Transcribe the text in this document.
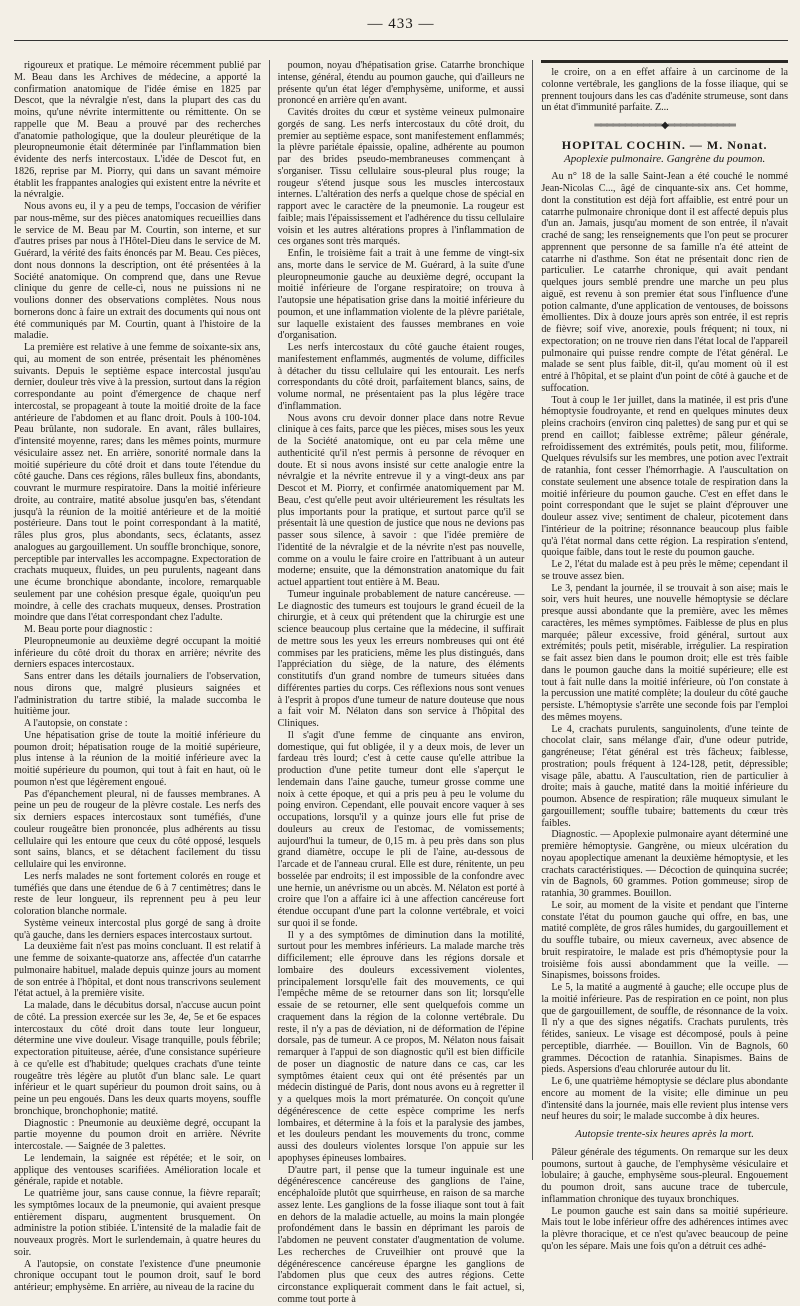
— 433 —

rigoureux et pratique. Le mémoire récemment publié par M. Beau dans les Archives de médecine, a apporté la confirmation anatomique de l'idée émise en 1825 par Descot, que la névralgie n'est, dans la plupart des cas du moins, qu'une névrite intermittente ou rémittente. On se rappelle que M. Beau a prouvé par des recherches d'anatomie pathologique, que la douleur pleurétique de la pleuropneumonie était déterminée par l'inflammation bien évidente des nerfs intercostaux. L'idée de Descot fut, en 1826, reprise par M. Piorry, qui dans un savant mémoire établit les frappantes analogies qui existent entre la névrite et la névralgie.

Nous avons eu, il y a peu de temps, l'occasion de vérifier par nous-même, sur des pièces anatomiques recueillies dans le service de M. Beau par M. Courtin, son interne, et sur d'autres prises par nous à l'Hôtel-Dieu dans le service de M. Guérard, la vérité des faits énoncés par M. Beau. Ces pièces, dont nous donnons la description, ont été présentées à la Société anatomique. On comprend que, dans une Revue clinique du genre de celle-ci, nous ne puissions ni ne voulions donner des observations complètes. Nous nous bornerons donc à faire un extrait des documents qui nous ont été communiqués par M. Courtin, quant à l'histoire de la maladie.

La première est relative à une femme de soixante-six ans, qui, au moment de son entrée, présentait les phénomènes suivants. Depuis le septième espace intercostal jusqu'au dernier, douleur très vive à la pression, surtout dans la région correspondante au point d'émergence de chaque nerf intercostal, se propageant à toute la moitié droite de la face antérieure de l'abdomen et au flanc droit. Pouls à 100-104. Peau brûlante, non sudorale. En avant, râles bullaires, d'intensité moyenne, rares; dans les mêmes points, murmure vésiculaire assez net. En arrière, sonorité normale dans la moitié supérieure du côté droit et dans toute l'étendue du côté gauche. Dans ces régions, râles bulleux fins, abondants, couvrant le murmure respiratoire. Dans la moitié inférieure droite, au contraire, matité absolue jusqu'en bas, s'étendant jusqu'à la réunion de la moitié antérieure et de la moitié postérieure. Dans tout le point correspondant à la matité, râles plus gros, plus abondants, secs, éclatants, assez analogues au gargouillement. Un souffle bronchique, sonore, perceptible par intervalles les accompagne. Expectoration de crachats muqueux, fluides, un peu purulents, nageant dans une écume bronchique abondante, incolore, remarquable seulement par une cohésion presque égale, quoiqu'un peu moindre, à celle des crachats muqueux, denses. Prostration moindre que dans l'état correspondant chez l'adulte.

M. Beau porte pour diagnostic :

Pleuropneumonie au deuxième degré occupant la moitié inférieure du côté droit du thorax en arrière; névrite des derniers espaces intercostaux.

Sans entrer dans les détails journaliers de l'observation, nous dirons que, malgré plusieurs saignées et l'administration du tartre stibié, la malade succomba le huitième jour.

A l'autopsie, on constate :

Une hépatisation grise de toute la moitié inférieure du poumon droit; hépatisation rouge de la moitié supérieure, plus intense à la réunion de la moitié inférieure avec la moitié supérieure du poumon, qui tout à fait en haut, où le poumon n'est que légèrement engoué.

Pas d'épanchement pleural, ni de fausses membranes. A peine un peu de rougeur de la plèvre costale. Les nerfs des six derniers espaces intercostaux sont tuméfiés, d'une couleur rougeâtre bien prononcée, plus adhérents au tissu cellulaire qui les entoure que ceux du côté opposé, lesquels sont sains, blancs, et se détachent facilement du tissu cellulaire qui les environne.

Les nerfs malades ne sont fortement colorés en rouge et tuméfiés que dans une étendue de 6 à 7 centimètres; dans le reste de leur longueur, ils reprennent peu à peu leur coloration blanche normale.

Système veineux intercostal plus gorgé de sang à droite qu'à gauche, dans les derniers espaces intercostaux surtout.

La deuxième fait n'est pas moins concluant. Il est relatif à une femme de soixante-quatorze ans, affectée d'un catarrhe pulmonaire habituel, malade depuis quinze jours au moment de son entrée à l'hôpital, et dont nous transcrivons seulement l'état actuel, à la première visite.

La malade, dans le décubitus dorsal, n'accuse aucun point de côté. La pression exercée sur les 3e, 4e, 5e et 6e espaces intercostaux du côté droit dans toute leur longueur, détermine une vive douleur. Visage tranquille, pouls fébrile; expectoration pituiteuse, aérée, d'une consistance supérieure à ce qu'elle est d'habitude; quelques crachats d'une teinte rougeâtre très légère au plutôt d'un blanc sale. Le quart inférieur et le quart supérieur du poumon droit sains, ou à peine un peu engoués. Dans les deux quarts moyens, souffle bronchique, bronchophonie; matité.

Diagnostic : Pneumonie au deuxième degré, occupant la partie moyenne du poumon droit en arrière. Névrite intercostale. — Saignée de 3 palettes.

Le lendemain, la saignée est répétée; et le soir, on applique des ventouses scarifiées. Amélioration locale et générale, rapide et notable.

Le quatrième jour, sans cause connue, la fièvre reparaît; les symptômes locaux de la pneumonie, qui avaient presque entièrement disparu, augmentent brusquement. On administre la potion stibiée. L'intensité de la maladie fait de nouveaux progrès. Mort le surlendemain, à quatre heures du soir.

A l'autopsie, on constate l'existence d'une pneumonie chronique occupant tout le poumon droit, sauf le bord antérieur; emphysème. En arrière, au niveau de la racine du

poumon, noyau d'hépatisation grise. Catarrhe bronchique intense, général, étendu au poumon gauche, qui d'ailleurs ne présente qu'un état léger d'emphysème, uniforme, et aussi prononcé en arrière qu'en avant.

Cavités droites du cœur et système veineux pulmonaire gorgés de sang. Les nerfs intercostaux du côté droit, du premier au septième espace, sont manifestement enflammés; la plèvre pariétale épaissie, opaline, adhérente au poumon par des brides pseudo-membraneuses commençant à s'organiser. Tissu cellulaire sous-pleural plus rouge; la rougeur s'étend jusque sous les muscles intercostaux internes. L'altération des nerfs a quelque chose de spécial en rapport avec le caractère de la pneumonie. La rougeur est faible; mais l'épaississement et l'adhérence du tissu cellulaire voisin et les autres altérations propres à l'inflammation de ces organes sont très marqués.

Enfin, le troisième fait a trait à une femme de vingt-six ans, morte dans le service de M. Guérard, à la suite d'une pleuropneumonie gauche au deuxième degré, occupant la moitié inférieure de l'organe respiratoire; on trouva à l'autopsie une hépatisation grise dans la moitié inférieure du poumon, et une inflammation violente de la plèvre pariétale, sur laquelle existaient des fausses membranes en voie d'organisation.

Les nerfs intercostaux du côté gauche étaient rouges, manifestement enflammés, augmentés de volume, difficiles à détacher du tissu cellulaire qui les entourait. Les nerfs correspondants du côté droit, parfaitement blancs, sains, de volume normal, ne présentaient pas la plus légère trace d'inflammation.

Nous avons cru devoir donner place dans notre Revue clinique à ces faits, parce que les pièces, mises sous les yeux de la Société anatomique, ont eu par cela même une authenticité qu'il n'est permis à personne de révoquer en doute. Et si nous avons insisté sur cette analogie entre la névralgie et la névrite entrevue il y a vingt-deux ans par Descot et M. Piorry, et confirmée anatomiquement par M. Beau, c'est qu'elle peut avoir ultérieurement les résultats les plus importants pour la pratique, et surtout parce qu'il se présentait là une question de justice que nous ne devions pas passer sous silence, à savoir : que l'idée première de l'identité de la névralgie et de la névrite n'est pas nouvelle, comme on a voulu le faire croire en l'attribuant à un auteur moderne; ensuite, que la démonstration anatomique du fait actuel appartient tout entière à M. Beau.

Tumeur inguinale probablement de nature cancéreuse. — Le diagnostic des tumeurs est toujours le grand écueil de la chirurgie, et à ceux qui prétendent que la chirurgie est une science beaucoup plus certaine que la médecine, il suffirait de mettre sous les yeux les erreurs nombreuses qui ont été commises par les praticiens, même les plus distingués, dans l'appréciation du siège, de la nature, des éléments constitutifs d'un grand nombre de tumeurs situées dans différentes parties du corps. Ces réflexions nous sont venues à l'esprit à propos d'une tumeur de nature douteuse que nous a fait voir M. Nélaton dans son service à l'hôpital des Cliniques.

Il s'agit d'une femme de cinquante ans environ, domestique, qui fut obligée, il y a deux mois, de lever un fardeau très lourd; c'est à cette cause qu'elle attribue la production d'une petite tumeur dont elle s'aperçut le lendemain dans l'aine gauche, tumeur grosse comme une noix à cette époque, et qui a pris peu à peu le volume du poing environ. Cependant, elle pouvait encore vaquer à ses occupations, lorsqu'il y a quinze jours elle fut prise de douleurs au creux de l'estomac, de vomissements; aujourd'hui la tumeur, de 0,15 m. à peu près dans son plus grand diamètre, occupe le pli de l'aine, au-dessous de l'arcade et de l'anneau crural. Elle est dure, rénitente, un peu bosselée par endroits; il est impossible de la confondre avec une hernie, un anévrisme ou un abcès. M. Nélaton est porté à croire que l'on a affaire ici à une affection cancéreuse fort étendue occupant d'une part la colonne vertébrale, et voici sur quoi il se fonde.

Il y a des symptômes de diminution dans la motilité, surtout pour les membres inférieurs. La malade marche très difficilement; elle éprouve dans les régions dorsale et lombaire des douleurs excessivement violentes, principalement lorsqu'elle fait des mouvements, ce qui l'empêche même de se retourner dans son lit; lorsqu'elle essaie de se retourner, elle sent quelquefois comme un craquement dans la région de la colonne vertébrale. Du reste, il n'y a pas de déviation, ni de déformation de l'épine dorsale, pas de tumeur. A ce propos, M. Nélaton nous faisait remarquer à l'appui de son diagnostic qu'il est bien difficile de poser un diagnostic de nature dans ce cas, car les symptômes étaient ceux qui ont été présentés par un médecin distingué de Paris, dont nous avons eu à regretter il y a quelques mois la mort prématurée. On conçoit qu'une dégénérescence de cette espèce comprime les nerfs lombaires, et détermine à la fois et la paralysie des jambes, et les douleurs pendant les mouvements du tronc, comme aussi des douleurs violentes lorsque l'on appuie sur les apophyses épineuses lombaires.

D'autre part, il pense que la tumeur inguinale est une dégénérescence cancéreuse des ganglions de l'aine, encéphaloïde plutôt que squirrheuse, en raison de sa marche assez lente. Les ganglions de la fosse iliaque sont tout à fait en dehors de la maladie actuelle, au moins la main plongée profondément dans le bassin en déprimant les parois de l'abdomen ne peuvent constater d'augmentation de volume. Les recherches de Cruveilhier ont prouvé que la dégénérescence cancéreuse épargne les ganglions de l'abdomen plus que ceux des autres régions. Cette circonstance expliquerait comment dans le fait actuel, si, comme tout porte à

le croire, on a en effet affaire à un carcinome de la colonne vertébrale, les ganglions de la fosse iliaque, qui se prennent toujours dans les cas d'adénite strumeuse, sont dans un état d'immunité parfaite. Z...

═══════════◆═══════════
HOPITAL COCHIN. — M. Nonat.
Apoplexie pulmonaire. Gangrène du poumon.

Au n° 18 de la salle Saint-Jean a été couché le nommé Jean-Nicolas C..., âgé de cinquante-six ans. Cet homme, dont la constitution est déjà fort affaiblie, est entré pour un catarrhe pulmonaire chronique dont il est affecté depuis plus d'un an. Jamais, jusqu'au moment de son entrée, il n'avait craché de sang; les renseignements que l'on peut se procurer apprennent que personne de sa famille n'a été atteint de catarrhe ni d'asthme. Son état ne présentait donc rien de particulier. Le catarrhe chronique, qui avait pendant quelques jours semblé prendre une marche un peu plus aiguë, est revenu à son premier état sous l'influence d'une potion calmante, d'une application de ventouses, de boissons émollientes. Dix à douze jours après son entrée, il est repris de fièvre; soif vive, anorexie, pouls fréquent; ni toux, ni expectoration; on ne trouve rien dans l'état local de l'appareil pulmonaire qui puisse rendre compte de l'état général. Le malade se sent plus faible, dit-il, qu'au moment où il est entré à l'hôpital, et se plaint d'un point de côté à gauche et de suffocation.

Tout à coup le 1er juillet, dans la matinée, il est pris d'une hémoptysie foudroyante, et rend en quelques minutes deux pleins crachoirs (environ cinq palettes) de sang pur et qui se prend en caillot; faiblesse extrême; pâleur générale, refroidissement des extrémités, pouls petit, mou, filiforme. Quelques révulsifs sur les membres, une potion avec l'extrait de ratanhia, font cesser l'hémorrhagie. A l'auscultation on constate seulement une absence totale de respiration dans la moitié inférieure du poumon gauche. C'est en effet dans le point correspondant que le sujet se plaint d'éprouver une douleur assez vive; sentiment de chaleur, picotement dans l'intérieur de la poitrine; résonnance beaucoup plus faible qu'à l'état normal dans cette région. La respiration s'entend, quoique faible, dans tout le reste du poumon gauche.

Le 2, l'état du malade est à peu près le même; cependant il se trouve assez bien.

Le 3, pendant la journée, il se trouvait à son aise; mais le soir, vers huit heures, une nouvelle hémoptysie se déclare presque aussi abondante que la première, avec les mêmes caractères, les mêmes symptômes. Faiblesse de plus en plus marquée; pâleur excessive, froid général, surtout aux extrémités; pouls petit, misérable, irrégulier. La respiration se fait assez bien dans le poumon droit; elle est très faible dans le poumon gauche dans la moitié supérieure; elle est tout à fait nulle dans la moitié inférieure, où l'on constate à la percussion une matité complète; la douleur du côté gauche persiste. L'hémoptysie s'arrête une seconde fois par l'emploi des mêmes moyens.

Le 4, crachats purulents, sanguinolents, d'une teinte de chocolat clair, sans mélange d'air, d'une odeur putride, gangréneuse; l'état général est très fâcheux; faiblesse, prostration; pouls fréquent à 124-128, petit, dépressible; visage pâle, abattu. A l'auscultation, rien de particulier à droite; mais à gauche, matité dans la moitié inférieure du poumon. Absence de respiration; râle muqueux simulant le gargouillement; souffle tubaire; battements du cœur très faibles.

Diagnostic. — Apoplexie pulmonaire ayant déterminé une première hémoptysie. Gangrène, ou mieux ulcération du noyau apoplectique amenant la deuxième hémoptysie, et les crachats caractéristiques. — Décoction de quinquina sucrée; vin de Bagnols, 60 grammes. Potion gommeuse; sirop de ratanhia, 30 grammes. Bouillon.

Le soir, au moment de la visite et pendant que l'interne constate l'état du poumon gauche qui offre, en bas, une matité complète, de gros râles humides, du gargouillement et du souffle tubaire, ou mieux caverneux, avec absence de bruit respiratoire, le malade est pris d'hémoptysie pour la troisième fois aussi abondamment que la veille. — Sinapismes, boissons froides.

Le 5, la matité a augmenté à gauche; elle occupe plus de la moitié inférieure. Pas de respiration en ce point, non plus que de gargouillement, de souffle, de résonnance de la voix. Il n'y a que des signes négatifs. Crachats purulents, très fétides, sanieux. Le visage est décomposé, pouls à peine perceptible, diarrhée. — Bouillon. Vin de Bagnols, 60 grammes. Décoction de ratanhia. Sinapismes. Bains de pieds. Aspersions d'eau chlorurée autour du lit.

Le 6, une quatrième hémoptysie se déclare plus abondante encore au moment de la visite; elle diminue un peu d'intensité dans la journée, mais elle revient plus intense vers neuf heures du soir; le malade succombe à dix heures.

Autopsie trente-six heures après la mort.

Pâleur générale des téguments. On remarque sur les deux poumons, surtout à gauche, de l'emphysème vésiculaire et lobulaire; à gauche, emphysème sous-pleural. Engouement du poumon droit, sans aucune trace de tubercule, inflammation chronique des tuyaux bronchiques.

Le poumon gauche est sain dans sa moitié supérieure. Mais tout le lobe inférieur offre des adhérences intimes avec la plèvre thoracique, et ce n'est qu'avec beaucoup de peine qu'on les sépare. Mais une fois qu'on a détruit ces adhé-
